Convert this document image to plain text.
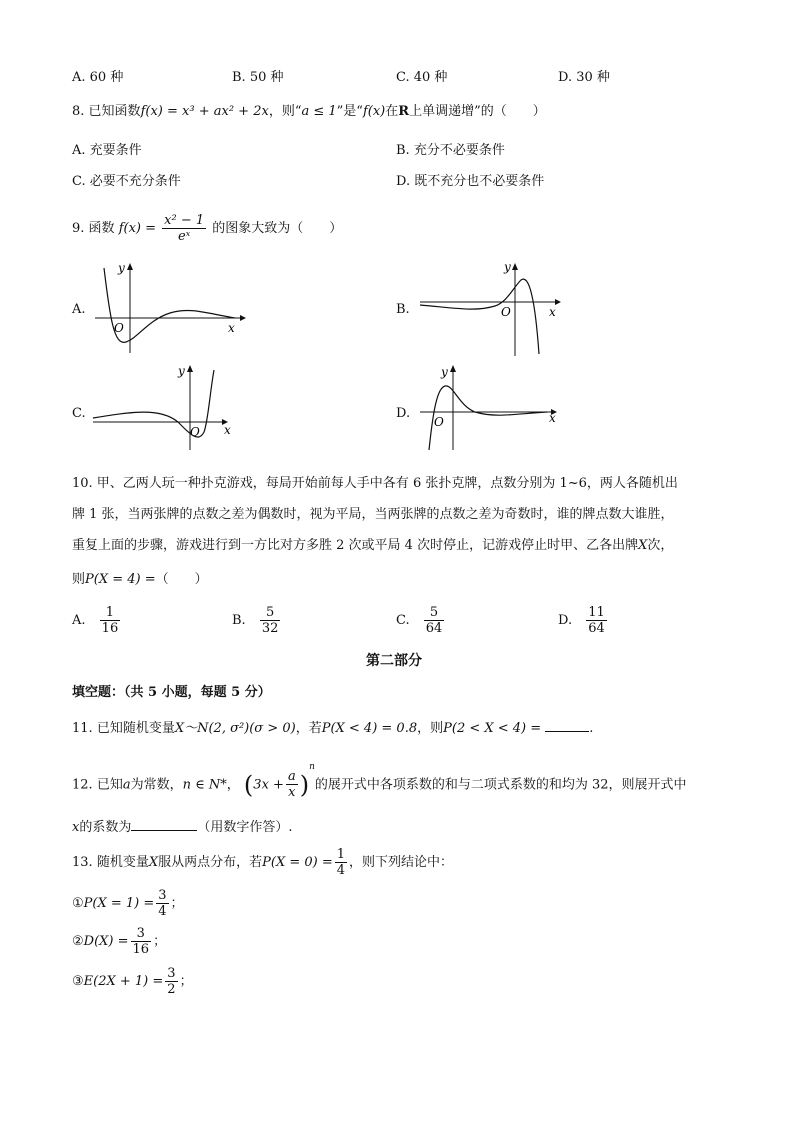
A. 60 种	B. 50 种	C. 40 种	D. 30 种
8. 已知函数f(x) = x³ + ax² + 2x，则“a ≤ 1”是“f(x)在R上单调递增”的（　　）
A. 充要条件	B. 充分不必要条件
C. 必要不充分条件	D. 既不充分也不必要条件
9. 函数 $f(x) = \frac{\text{x² − 1}}{\text{eˣ}}$ 的图象大致为（　　）
A.
x
y
O
B.	x
y
O
C.
x
y
O
D.	x
y
O
10. 甲、乙两人玩一种扑克游戏，每局开始前每人手中各有 6 张扑克牌，点数分别为 1~6，两人各随机出
牌 1 张，当两张牌的点数之差为偶数时，视为平局，当两张牌的点数之差为奇数时，谁的牌点数大谁胜，
重复上面的步骤，游戏进行到一方比对方多胜 2 次或平局 4 次时停止，记游戏停止时甲、乙各出牌X次，
则P(X = 4) =（　　）
A. $\frac{1}{16}$	B. $\frac{5}{32}$	C. $\frac{5}{64}$	D. $\frac{11}{64}$
第二部分
填空题：（共 5 小题，每题 5 分）
11. 已知随机变量X～N(2, σ²)(σ > 0)，若P(X < 4) = 0.8，则P(2 < X < 4) =	.
12. 已知a为常数，n ∈ N*， $(3x + \frac{a}{x} )^n$的展开式中各项系数的和与二项式系数的和均为 32，则展开式中
x的系数为	（用数字作答）.
13. 随机变量X服从两点分布，若$P(X = 0) = \frac{1}{4}$ ，则下列结论中：
①P(X = $1) = \frac{3}{4}$ ；
②D(X) = $\frac{3}{16}$ ；
③E(2X + $1) = \frac{3}{2}$ ；
